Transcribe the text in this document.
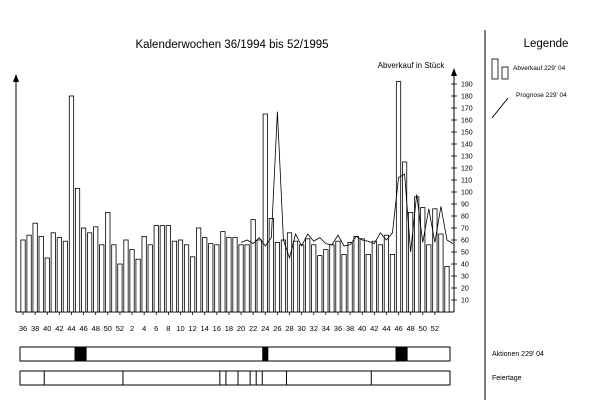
Kalenderwochen 36/1994 bis 52/1995
Abverkauf in Stück
Legende
Abverkauf 229' 04
Prognose 229' 04
10
20
30
40
50
60
70
80
90
100
110
120
130
140
150
160
170
180
190
36 38 40 42 44 46 48 50 52 2 4 6 8 10 12 14 16 18 20 22 24 26 28 30 32 34 36 38 40 42 44 46 48 50 52
Aktionen 229' 04
Feiertage
